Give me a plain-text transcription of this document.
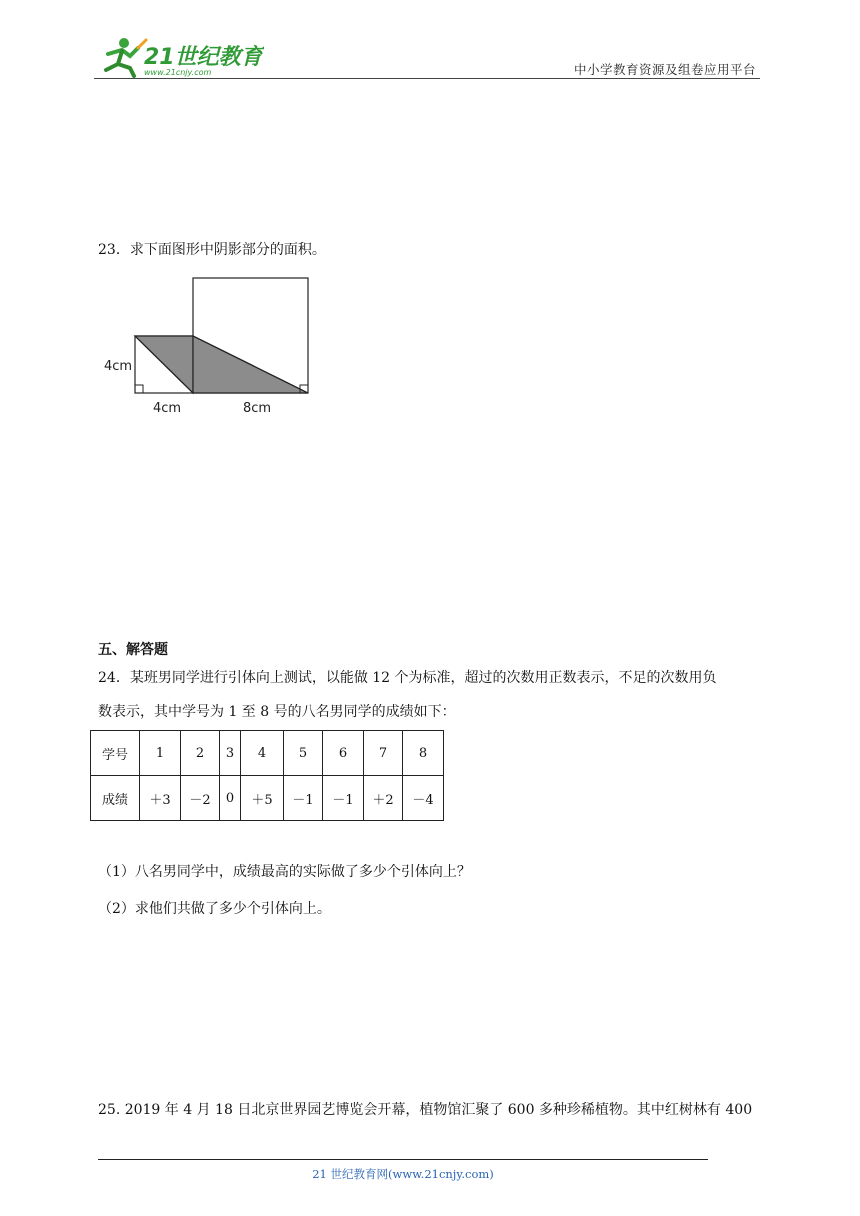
21世纪教育
www.21cnjy.com	中小学教育资源及组卷应用平台
23．求下面图形中阴影部分的面积。
4cm
4cm	8cm
五、解答题
24．某班男同学进行引体向上测试，以能做 12 个为标准，超过的次数用正数表示，不足的次数用负
数表示，其中学号为 1 至 8 号的八名男同学的成绩如下：
学号	1	2	3	4	5	6	7	8
成绩	＋3	－2	0	＋5	－1	－1	＋2	－4
（1）八名男同学中，成绩最高的实际做了多少个引体向上？
（2）求他们共做了多少个引体向上。
25. 2019 年 4 月 18 日北京世界园艺博览会开幕，植物馆汇聚了 600 多种珍稀植物。其中红树林有 400
21 世纪教育网(www.21cnjy.com)
